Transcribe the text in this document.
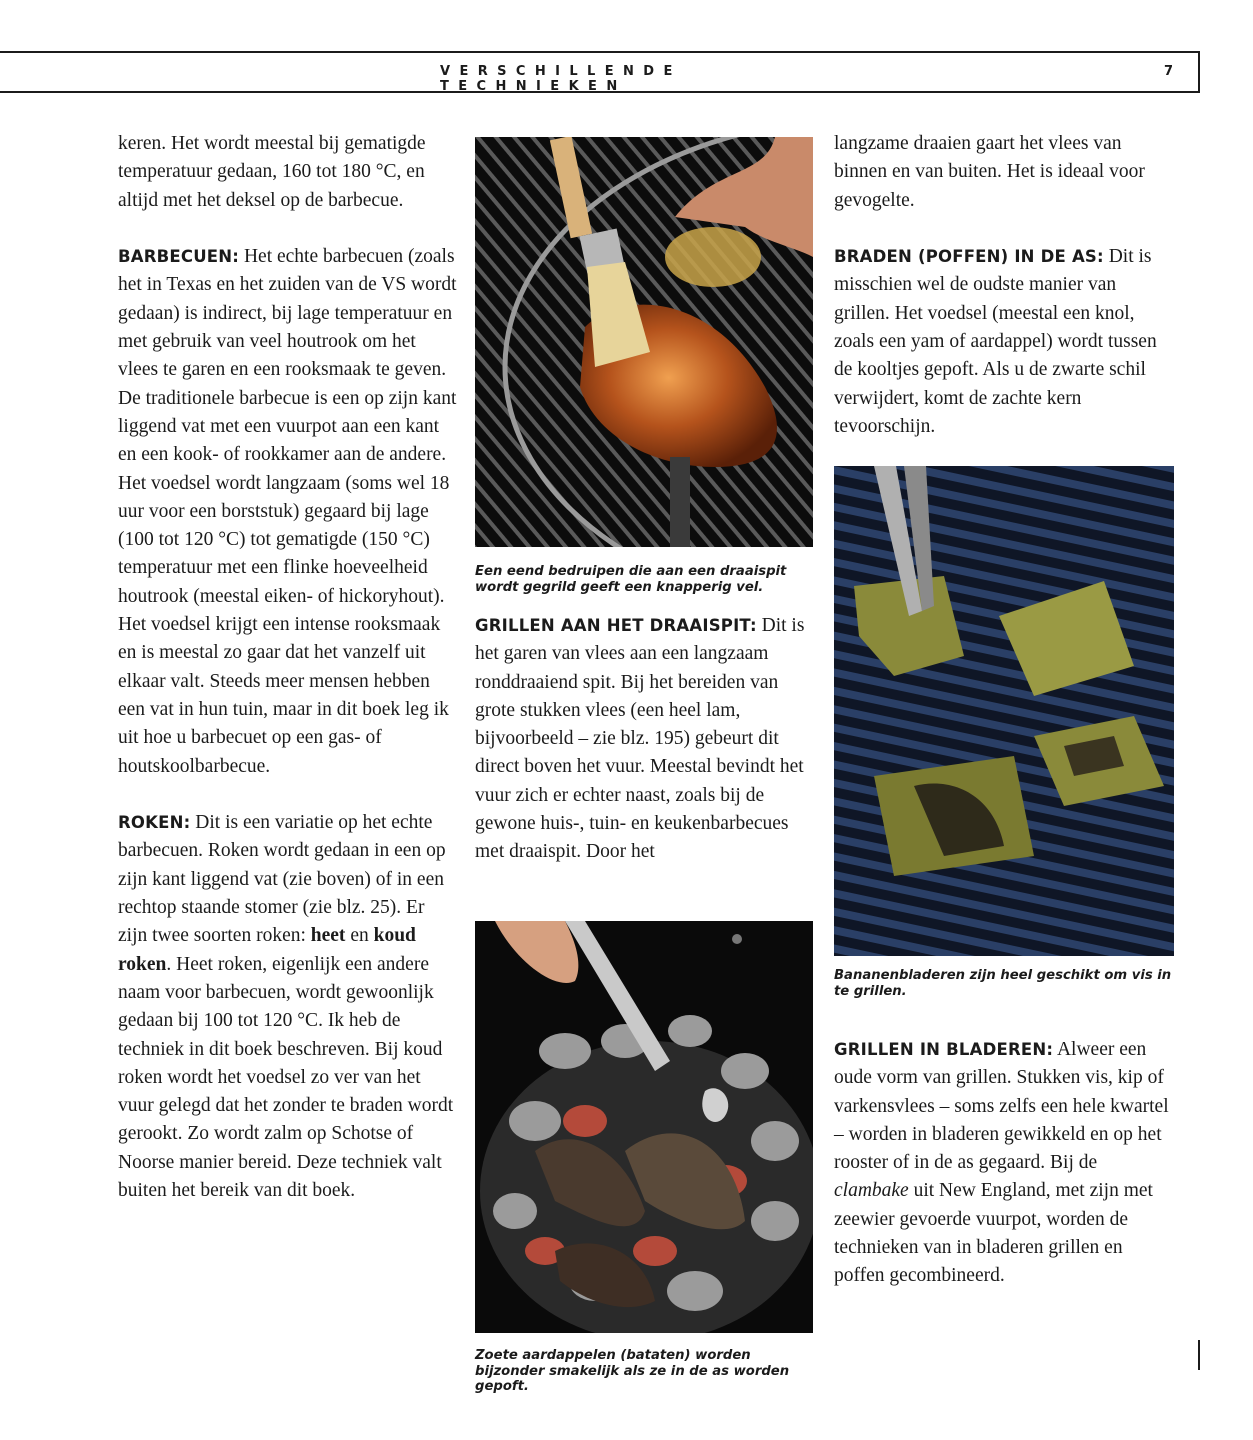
VERSCHILLENDE TECHNIEKEN
7

keren. Het wordt meestal bij gematigde temperatuur gedaan, 160 tot 180 °C, en altijd met het deksel op de barbecue.

BARBECUEN: Het echte barbecuen (zoals het in Texas en het zuiden van de VS wordt gedaan) is indirect, bij lage temperatuur en met gebruik van veel houtrook om het vlees te garen en een rooksmaak te geven. De traditionele barbecue is een op zijn kant liggend vat met een vuurpot aan een kant en een kook- of rookkamer aan de andere. Het voedsel wordt langzaam (soms wel 18 uur voor een borststuk) gegaard bij lage (100 tot 120 °C) tot gematigde (150 °C) temperatuur met een flinke hoeveelheid houtrook (meestal eiken- of hickoryhout). Het voedsel krijgt een intense rooksmaak en is meestal zo gaar dat het vanzelf uit elkaar valt. Steeds meer mensen hebben een vat in hun tuin, maar in dit boek leg ik uit hoe u barbecuet op een gas- of houtskoolbarbecue.

ROKEN: Dit is een variatie op het echte barbecuen. Roken wordt gedaan in een op zijn kant liggend vat (zie boven) of in een rechtop staande stomer (zie blz. 25). Er zijn twee soorten roken: heet en koud roken. Heet roken, eigenlijk een andere naam voor barbecuen, wordt gewoonlijk gedaan bij 100 tot 120 °C. Ik heb de techniek in dit boek beschreven. Bij koud roken wordt het voedsel zo ver van het vuur gelegd dat het zonder te braden wordt gerookt. Zo wordt zalm op Schotse of Noorse manier bereid. Deze techniek valt buiten het bereik van dit boek.

Een eend bedruipen die aan een draaispit wordt gegrild geeft een knapperig vel.

GRILLEN AAN HET DRAAISPIT: Dit is het garen van vlees aan een langzaam ronddraaiend spit. Bij het bereiden van grote stukken vlees (een heel lam, bijvoorbeeld – zie blz. 195) gebeurt dit direct boven het vuur. Meestal bevindt het vuur zich er echter naast, zoals bij de gewone huis-, tuin- en keukenbarbecues met draaispit. Door het

Zoete aardappelen (bataten) worden bijzonder smakelijk als ze in de as worden gepoft.

langzame draaien gaart het vlees van binnen en van buiten. Het is ideaal voor gevogelte.

BRADEN (POFFEN) IN DE AS: Dit is misschien wel de oudste manier van grillen. Het voedsel (meestal een knol, zoals een yam of aardappel) wordt tussen de kooltjes gepoft. Als u de zwarte schil verwijdert, komt de zachte kern tevoorschijn.

Bananenbladeren zijn heel geschikt om vis in te grillen.

GRILLEN IN BLADEREN: Alweer een oude vorm van grillen. Stukken vis, kip of varkensvlees – soms zelfs een hele kwartel – worden in bladeren gewikkeld en op het rooster of in de as gegaard. Bij de clambake uit New England, met zijn met zeewier gevoerde vuurpot, worden de technieken van in bladeren grillen en poffen gecombineerd.
